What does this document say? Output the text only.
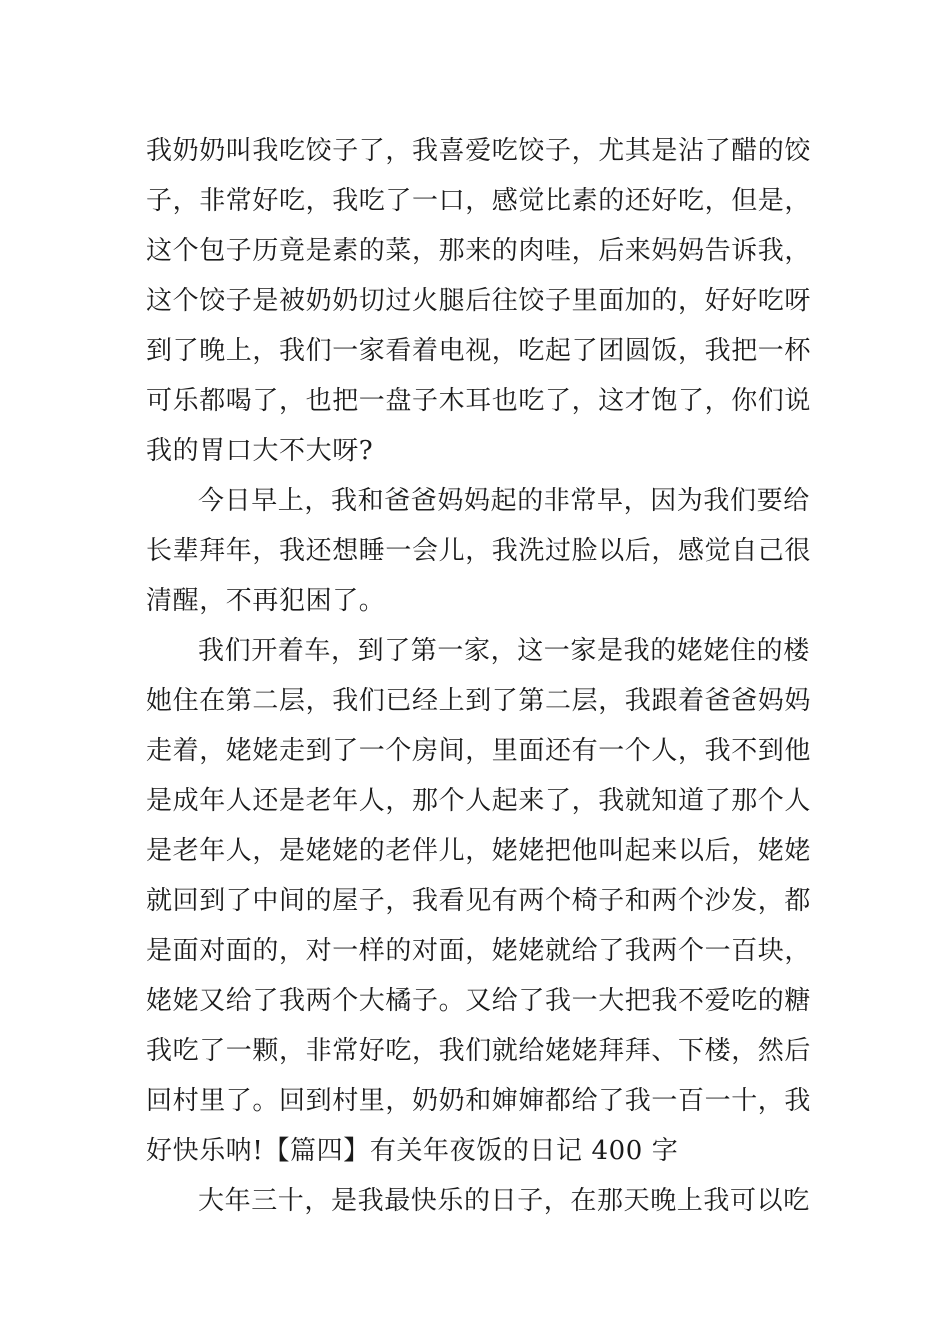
我奶奶叫我吃饺子了，我喜爱吃饺子，尤其是沾了醋的饺
子，非常好吃，我吃了一口，感觉比素的还好吃，但是，
这个包子历竟是素的菜，那来的肉哇，后来妈妈告诉我，
这个饺子是被奶奶切过火腿后往饺子里面加的，好好吃呀
到了晚上，我们一家看着电视，吃起了团圆饭，我把一杯
可乐都喝了，也把一盘子木耳也吃了，这才饱了，你们说
我的胃口大不大呀?
今日早上，我和爸爸妈妈起的非常早，因为我们要给
长辈拜年，我还想睡一会儿，我洗过脸以后，感觉自己很
清醒，不再犯困了。
我们开着车，到了第一家，这一家是我的姥姥住的楼
她住在第二层，我们已经上到了第二层，我跟着爸爸妈妈
走着，姥姥走到了一个房间，里面还有一个人，我不到他
是成年人还是老年人，那个人起来了，我就知道了那个人
是老年人，是姥姥的老伴儿，姥姥把他叫起来以后，姥姥
就回到了中间的屋子，我看见有两个椅子和两个沙发，都
是面对面的，对一样的对面，姥姥就给了我两个一百块，
姥姥又给了我两个大橘子。又给了我一大把我不爱吃的糖
我吃了一颗，非常好吃，我们就给姥姥拜拜、下楼，然后
回村里了。回到村里，奶奶和婶婶都给了我一百一十，我
好快乐呐!【篇四】有关年夜饭的日记 400 字
大年三十，是我最快乐的日子，在那天晚上我可以吃
